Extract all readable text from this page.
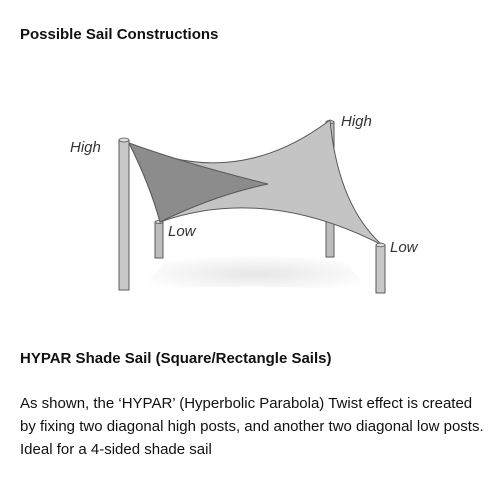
Possible Sail Constructions
High
High
Low
Low
HYPAR Shade Sail (Square/Rectangle Sails)

As shown, the ‘HYPAR’ (Hyperbolic Parabola) Twist effect is created by fixing two diagonal high posts, and another two diagonal low posts. Ideal for a 4-sided shade sail
